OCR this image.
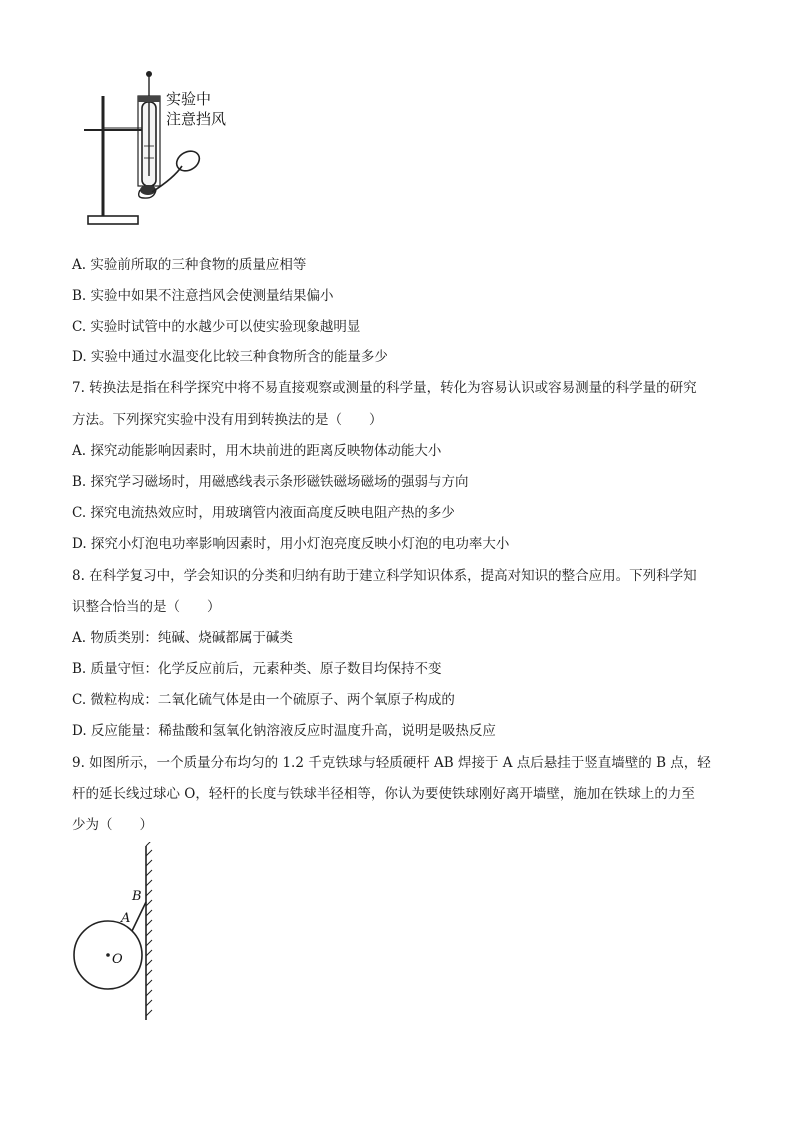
实验中
注意挡风
A. 实验前所取的三种食物的质量应相等
B. 实验中如果不注意挡风会使测量结果偏小
C. 实验时试管中的水越少可以使实验现象越明显
D. 实验中通过水温变化比较三种食物所含的能量多少
7. 转换法是指在科学探究中将不易直接观察或测量的科学量，转化为容易认识或容易测量的科学量的研究
方法。下列探究实验中没有用到转换法的是（　　）
A. 探究动能影响因素时，用木块前进的距离反映物体动能大小
B. 探究学习磁场时，用磁感线表示条形磁铁磁场磁场的强弱与方向
C. 探究电流热效应时，用玻璃管内液面高度反映电阻产热的多少
D. 探究小灯泡电功率影响因素时，用小灯泡亮度反映小灯泡的电功率大小
8. 在科学复习中，学会知识的分类和归纳有助于建立科学知识体系，提高对知识的整合应用。下列科学知
识整合恰当的是（　　）
A. 物质类别：纯碱、烧碱都属于碱类
B. 质量守恒：化学反应前后，元素种类、原子数目均保持不变
C. 微粒构成：二氧化硫气体是由一个硫原子、两个氧原子构成的
D. 反应能量：稀盐酸和氢氧化钠溶液反应时温度升高，说明是吸热反应
9. 如图所示，一个质量分布均匀的 1.2 千克铁球与轻质硬杆 AB 焊接于 A 点后悬挂于竖直墙壁的 B 点，轻
杆的延长线过球心 O，轻杆的长度与铁球半径相等，你认为要使铁球刚好离开墙壁，施加在铁球上的力至
少为（　　）
B
A
O
